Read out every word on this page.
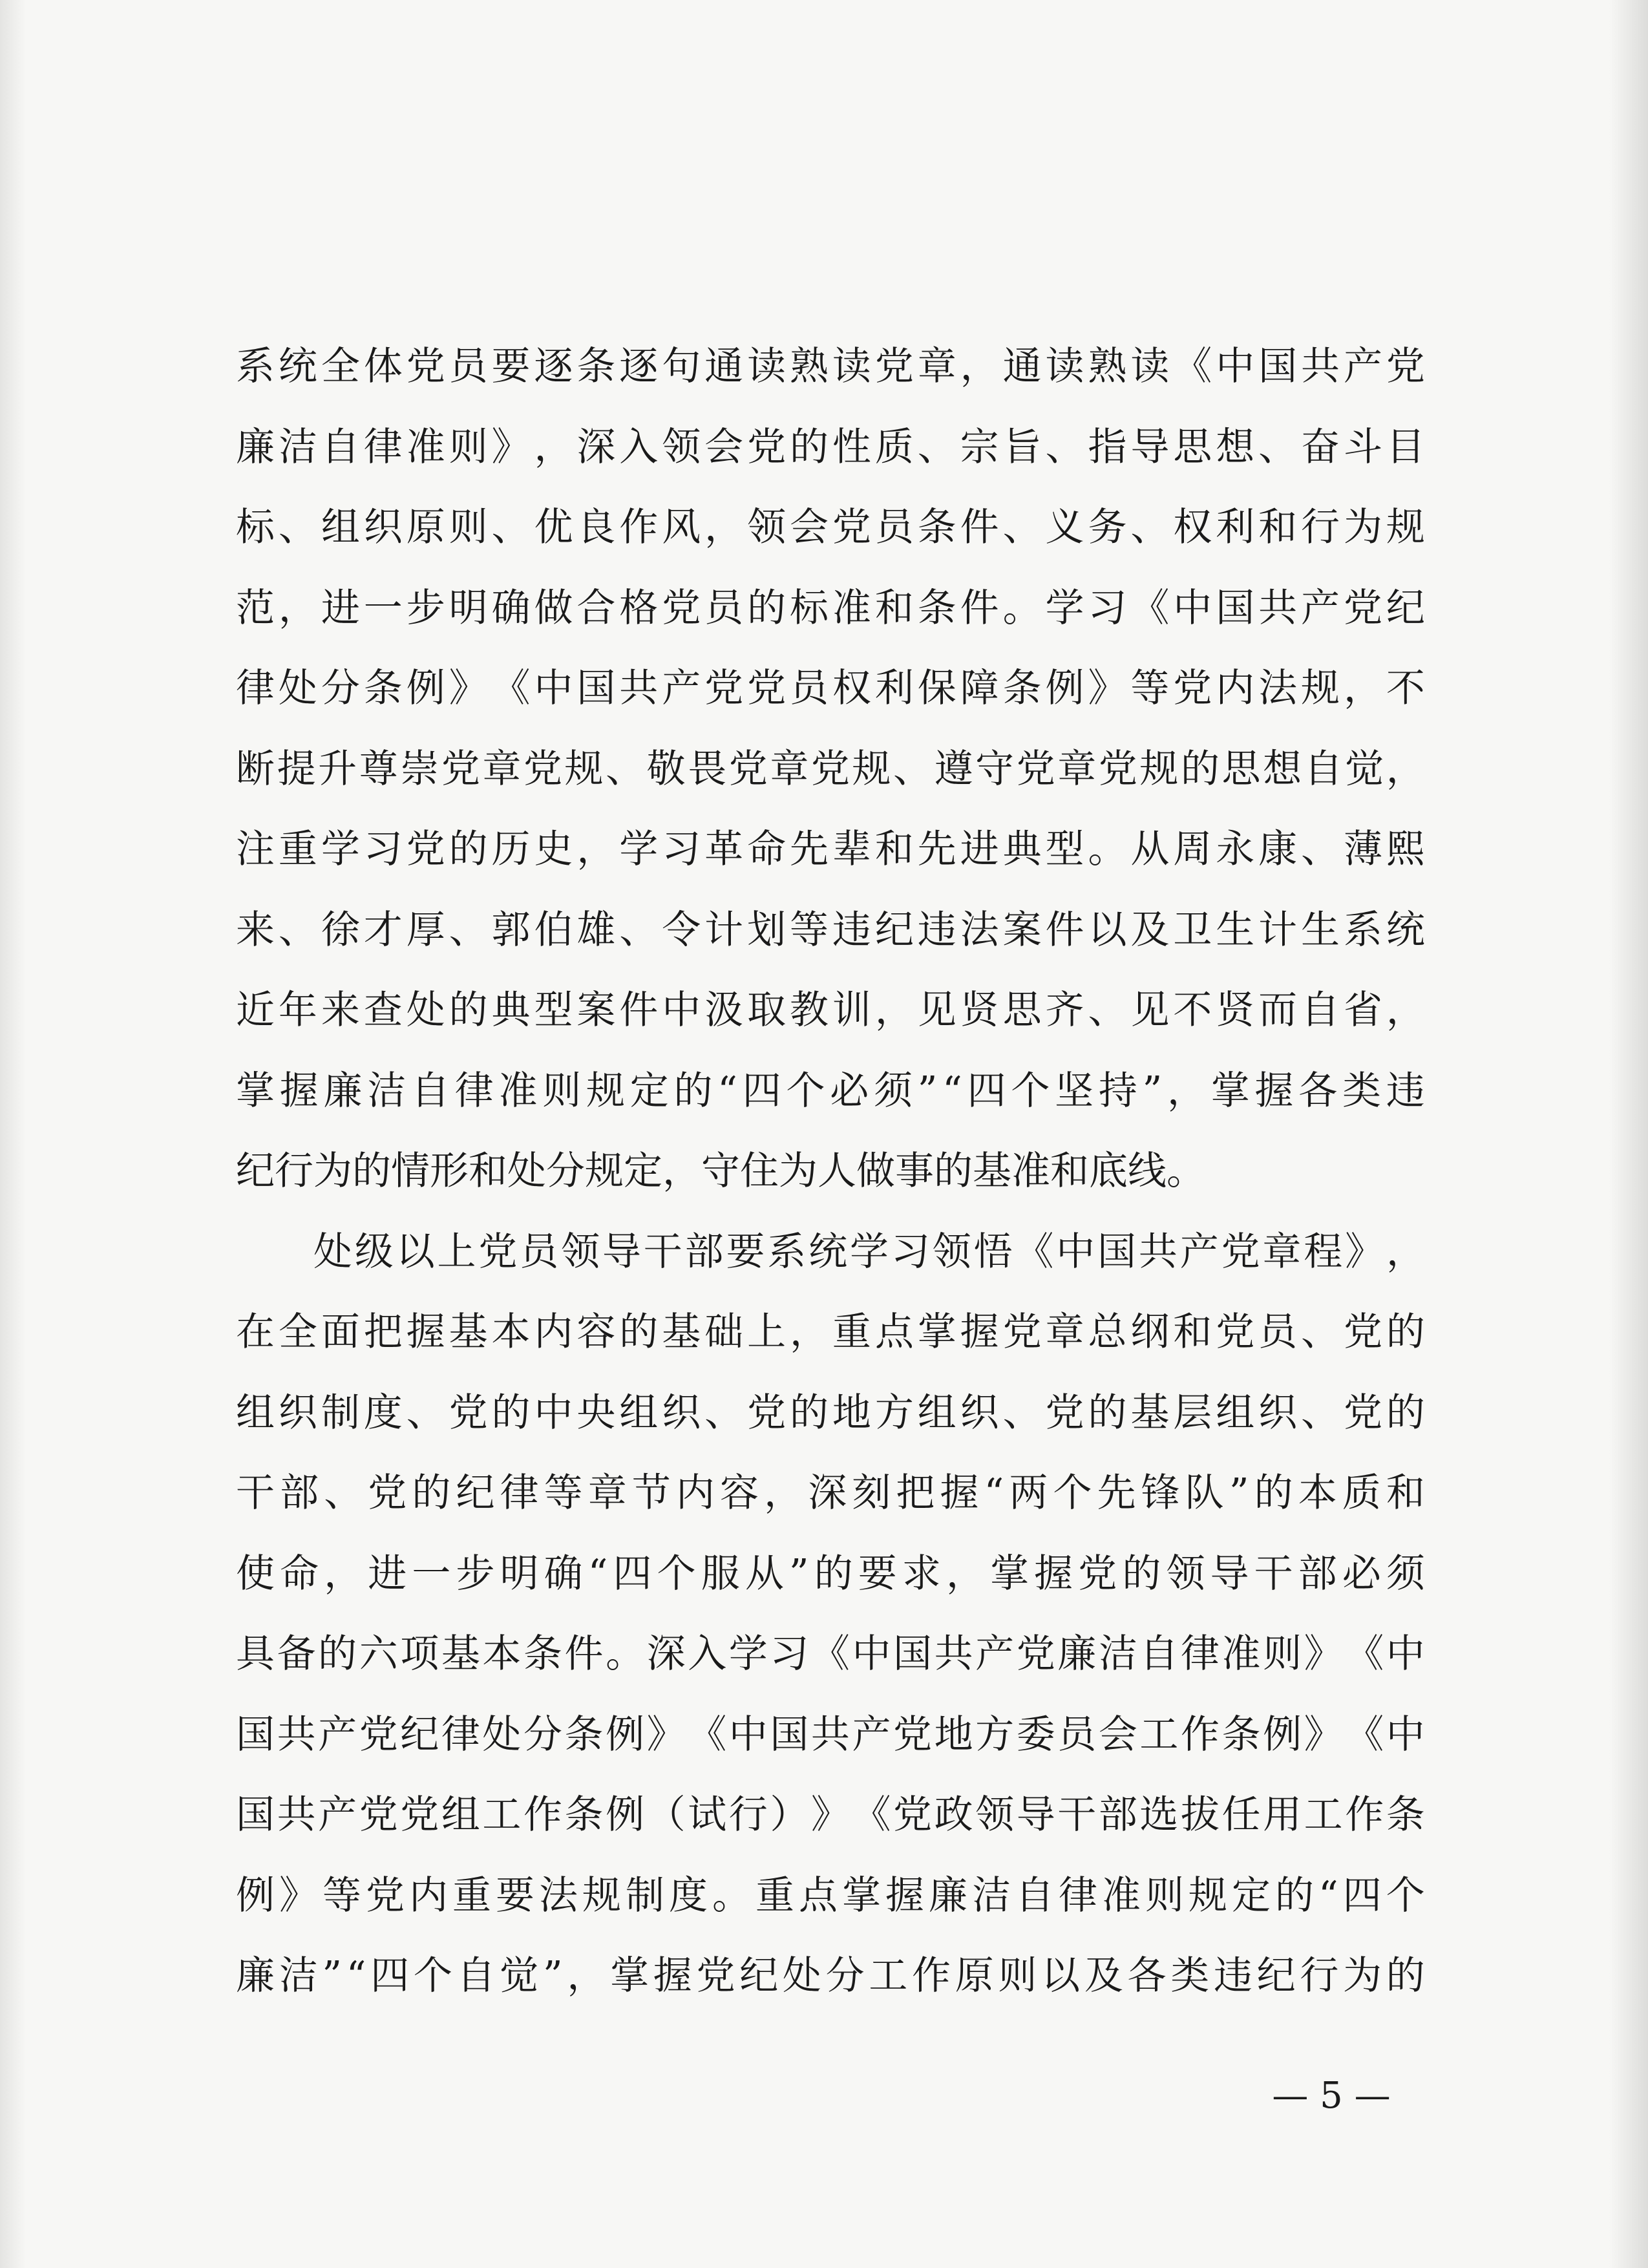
系 统 全 体 党 员 要 逐 条 逐 句 通 读 熟 读 党 章 ， 通 读 熟 读 《 中 国 共 产 党
廉 洁 自 律 准 则 》 ， 深 入 领 会 党 的 性 质 、 宗 旨 、 指 导 思 想 、 奋 斗 目
标 、 组 织 原 则 、 优 良 作 风 ， 领 会 党 员 条 件 、 义 务 、 权 利 和 行 为 规
范 ， 进 一 步 明 确 做 合 格 党 员 的 标 准 和 条 件 。 学 习 《 中 国 共 产 党 纪
律 处 分 条 例 》 《 中 国 共 产 党 党 员 权 利 保 障 条 例 》 等 党 内 法 规 ， 不
断 提 升 尊 崇 党 章 党 规 、 敬 畏 党 章 党 规 、 遵 守 党 章 党 规 的 思 想 自 觉 ，
注 重 学 习 党 的 历 史 ， 学 习 革 命 先 辈 和 先 进 典 型 。 从 周 永 康 、 薄 熙
来 、 徐 才 厚 、 郭 伯 雄 、 令 计 划 等 违 纪 违 法 案 件 以 及 卫 生 计 生 系 统
近 年 来 查 处 的 典 型 案 件 中 汲 取 教 训 ， 见 贤 思 齐 、 见 不 贤 而 自 省 ，
掌 握 廉 洁 自 律 准 则 规 定 的 “ 四 个 必 须 ” “ 四 个 坚 持 ” ， 掌 握 各 类 违
纪行为的情形和处分规定，守住为人做事的基准和底线。
处 级 以 上 党 员 领 导 干 部 要 系 统 学 习 领 悟 《 中 国 共 产 党 章 程 》 ，
在 全 面 把 握 基 本 内 容 的 基 础 上 ， 重 点 掌 握 党 章 总 纲 和 党 员 、 党 的
组 织 制 度 、 党 的 中 央 组 织 、 党 的 地 方 组 织 、 党 的 基 层 组 织 、 党 的
干 部 、 党 的 纪 律 等 章 节 内 容 ， 深 刻 把 握 “ 两 个 先 锋 队 ” 的 本 质 和
使 命 ， 进 一 步 明 确 “ 四 个 服 从 ” 的 要 求 ， 掌 握 党 的 领 导 干 部 必 须
具 备 的 六 项 基 本 条 件 。 深 入 学 习 《 中 国 共 产 党 廉 洁 自 律 准 则 》 《 中
国 共 产 党 纪 律 处 分 条 例 》 《 中 国 共 产 党 地 方 委 员 会 工 作 条 例 》 《 中
国 共 产 党 党 组 工 作 条 例 （ 试 行 ） 》 《 党 政 领 导 干 部 选 拔 任 用 工 作 条
例 》 等 党 内 重 要 法 规 制 度 。 重 点 掌 握 廉 洁 自 律 准 则 规 定 的 “ 四 个
廉 洁 ” “ 四 个 自 觉 ” ， 掌 握 党 纪 处 分 工 作 原 则 以 及 各 类 违 纪 行 为 的
— 5 —
